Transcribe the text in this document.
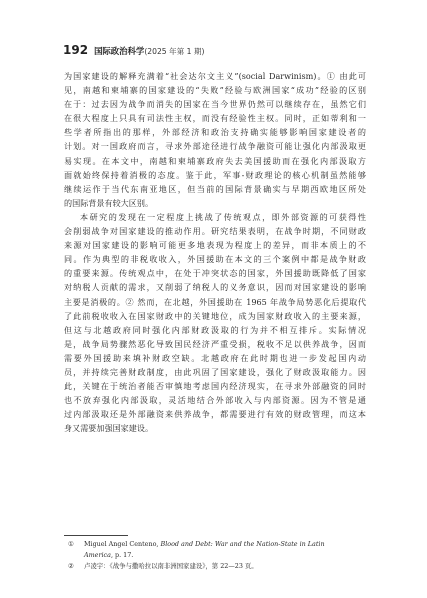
192 国际政治科学 (2025 年第 1 期)
为国家建设的解释充满着“社会达尔文主义”(social Darwinism)。① 由此可
见，南越和柬埔寨的国家建设的“失败”经验与欧洲国家“成功”经验的区别
在于：过去因为战争而消失的国家在当今世界仍然可以继续存在，虽然它们
在很大程度上只具有司法性主权，而没有经验性主权。同时，正如蒂利和一
些学者所指出的那样，外部经济和政治支持确实能够影响国家建设者的
计划。对一国政府而言，寻求外部途径进行战争融资可能让强化内部汲取更
易实现。在本文中，南越和柬埔寨政府失去美国援助而在强化内部汲取方
面就始终保持着消极的态度。鉴于此，军事-财政理论的核心机制虽然能够
继续运作于当代东南亚地区，但当前的国际背景确实与早期西欧地区所处
的国际背景有较大区别。
本研究的发现在一定程度上挑战了传统观点，即外部资源的可获得性
会削弱战争对国家建设的推动作用。研究结果表明，在战争时期，不同财政
来源对国家建设的影响可能更多地表现为程度上的差异，而非本质上的不
同。作为典型的非税收收入，外国援助在本文的三个案例中都是战争财政
的重要来源。传统观点中，在处于冲突状态的国家，外国援助既降低了国家
对纳税人贡献的需求，又削弱了纳税人的义务意识，因而对国家建设的影响
主要是消极的。② 然而，在北越，外国援助在 1965 年战争局势恶化后提取代
了此前税收收入在国家财政中的关键地位，成为国家财政收入的主要来源，
但这与北越政府同时强化内部财政汲取的行为并不相互排斥。实际情况
是，战争局势骤然恶化导致国民经济严重受损，税收不足以供养战争，因而
需要外国援助来填补财政空缺。北越政府在此时期也进一步发起国内动
员，并持续完善财政制度，由此巩固了国家建设，强化了财政汲取能力。因
此，关键在于统治者能否审慎地考虑国内经济现实，在寻求外部融资的同时
也不放弃强化内部汲取，灵活地结合外部收入与内部资源。因为不管是通
过内部汲取还是外部融资来供养战争，都需要进行有效的财政管理，而这本
身又需要加强国家建设。
① Miguel Angel Centeno, Blood and Debt: War and the Nation-State in Latin
America, p. 17.
② 卢凌宇：《战争与撒哈拉以南非洲国家建设》，第 22—23 页。
